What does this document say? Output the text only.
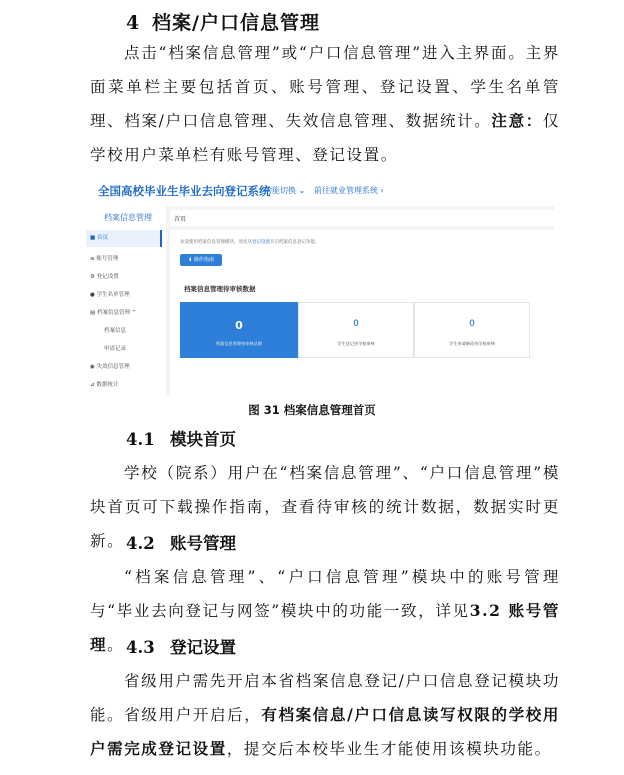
4 档案/户口信息管理
点击“档案信息管理”或“户口信息管理”进入主界面。主界面菜单栏主要包括首页、账号管理、登记设置、学生名单管理、档案/户口信息管理、失效信息管理、数据统计。注意：仅学校用户菜单栏有账号管理、登记设置。
全国高校毕业生毕业去向登记系统
功能切换 ⌄ 前往就业管理系统 ›
档案信息管理
■ 首页
≡ 账号管理
⚙ 登记设置
● 学生名单管理
▤ 档案信息管理 ⌃
档案信息
申请记录
◉ 失效信息管理
⊿ 数据统计
首页
欢迎使用档案信息管理模块，请先从登记设置开启档案信息登记功能。
⬇ 操作指南
档案信息管理待审核数据
0
档案信息管理待审核总数
0
学生登记待学校审核
0
学生申请修改待学校审核
图 31 档案信息管理首页
4.1 模块首页
学校（院系）用户在“档案信息管理”、“户口信息管理”模块首页可下载操作指南，查看待审核的统计数据，数据实时更新。 4.2 账号管理
“档案信息管理”、“户口信息管理”模块中的账号管理与“毕业去向登记与网签”模块中的功能一致，详见3.2 账号管理。 4.3 登记设置
省级用户需先开启本省档案信息登记/户口信息登记模块功能。省级用户开启后，有档案信息/户口信息读写权限的学校用户需完成登记设置，提交后本校毕业生才能使用该模块功能。
